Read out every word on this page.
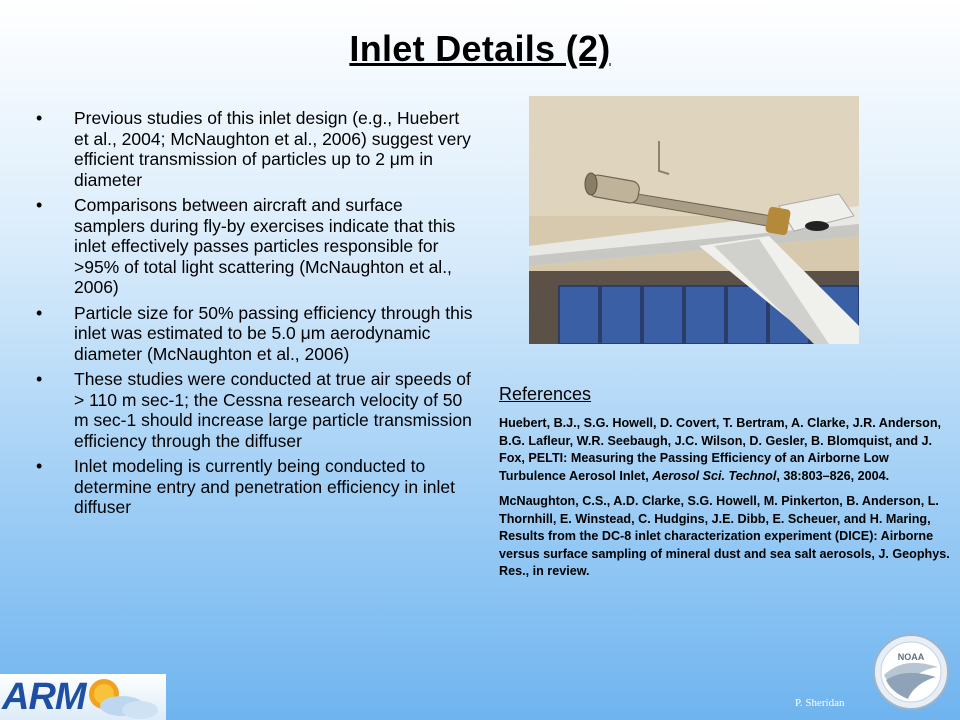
Inlet Details (2)
• Previous studies of this inlet design (e.g., Huebert et al., 2004; McNaughton et al., 2006) suggest very efficient transmission of particles up to 2 μm in diameter
• Comparisons between aircraft and surface samplers during fly-by exercises indicate that this inlet effectively passes particles responsible for >95% of total light scattering (McNaughton et al., 2006)
• Particle size for 50% passing efficiency through this inlet was estimated to be 5.0 μm aerodynamic diameter (McNaughton et al., 2006)
• These studies were conducted at true air speeds of > 110 m sec-1; the Cessna research velocity of 50 m sec-1 should increase large particle transmission efficiency through the diffuser
• Inlet modeling is currently being conducted to determine entry and penetration efficiency in inlet diffuser
References
Huebert, B.J., S.G. Howell, D. Covert, T. Bertram, A. Clarke, J.R. Anderson, B.G. Lafleur, W.R. Seebaugh, J.C. Wilson, D. Gesler, B. Blomquist, and J. Fox, PELTI: Measuring the Passing Efficiency of an Airborne Low Turbulence Aerosol Inlet, Aerosol Sci. Technol, 38:803–826, 2004.
McNaughton, C.S., A.D. Clarke, S.G. Howell, M. Pinkerton, B. Anderson, L. Thornhill, E. Winstead, C. Hudgins, J.E. Dibb, E. Scheuer, and H. Maring, Results from the DC-8 inlet characterization experiment (DICE): Airborne versus surface sampling of mineral dust and sea salt aerosols, J. Geophys. Res., in review.
ARM
NOAA
P. Sheridan
